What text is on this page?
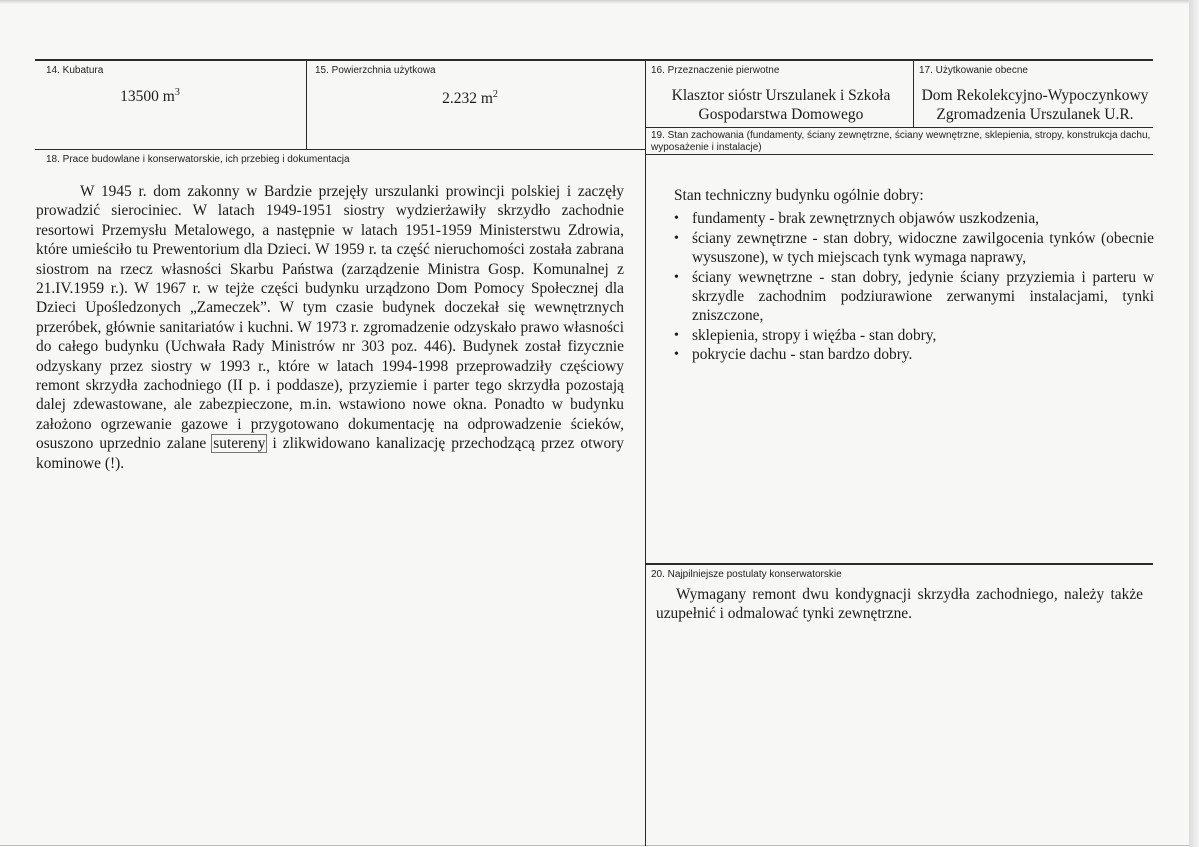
14. Kubatura
13500 $m^3$
15. Powierzchnia użytkowa
2.232 $m^2$
16. Przeznaczenie pierwotne
Klasztor sióstr Urszulanek i Szkoła
Gospodarstwa Domowego
17. Użytkowanie obecne
Dom Rekolekcyjno-Wypoczynkowy
Zgromadzenia Urszulanek U.R.
18. Prace budowlane i konserwatorskie, ich przebieg i dokumentacja
W 1945 r. dom zakonny w Bardzie przejęły urszulanki prowincji polskiej i zaczęły prowadzić sierociniec. W latach 1949-1951 siostry wydzierżawiły skrzydło zachodnie resortowi Przemysłu Metalowego, a następnie w latach 1951-1959 Ministerstwu Zdrowia, które umieściło tu Prewentorium dla Dzieci. W 1959 r. ta część nieruchomości została zabrana siostrom na rzecz własności Skarbu Państwa (zarządzenie Ministra Gosp. Komunalnej z 21.IV.1959 r.). W 1967 r. w tejże części budynku urządzono Dom Pomocy Społecznej dla Dzieci Upośledzonych „Zameczek”. W tym czasie budynek doczekał się wewnętrznych przeróbek, głównie sanitariatów i kuchni. W 1973 r. zgromadzenie odzyskało prawo własności do całego budynku (Uchwała Rady Ministrów nr 303 poz. 446). Budynek został fizycznie odzyskany przez siostry w 1993 r., które w latach 1994-1998 przeprowadziły częściowy remont skrzydła zachodniego (II p. i poddasze), przyziemie i parter tego skrzydła pozostają dalej zdewastowane, ale zabezpieczone, m.in. wstawiono nowe okna. Ponadto w budynku założono ogrzewanie gazowe i przygotowano dokumentację na odprowadzenie ścieków, osuszono uprzednio zalane sutereny i zlikwidowano kanalizację przechodzącą przez otwory kominowe (!).
19. Stan zachowania (fundamenty, ściany zewnętrzne, ściany wewnętrzne, sklepienia, stropy, konstrukcja dachu, wyposażenie i instalacje)
Stan techniczny budynku ogólnie dobry:
• fundamenty - brak zewnętrznych objawów uszkodzenia,
• ściany zewnętrzne - stan dobry, widoczne zawilgocenia tynków (obecnie wysuszone), w tych miejscach tynk wymaga naprawy,
• ściany wewnętrzne - stan dobry, jedynie ściany przyziemia i parteru w skrzydle zachodnim podziurawione zerwanymi instalacjami, tynki zniszczone,
• sklepienia, stropy i więźba - stan dobry,
• pokrycie dachu - stan bardzo dobry.
20. Najpilniejsze postulaty konserwatorskie
Wymagany remont dwu kondygnacji skrzydła zachodniego, należy także uzupełnić i odmalować tynki zewnętrzne.
